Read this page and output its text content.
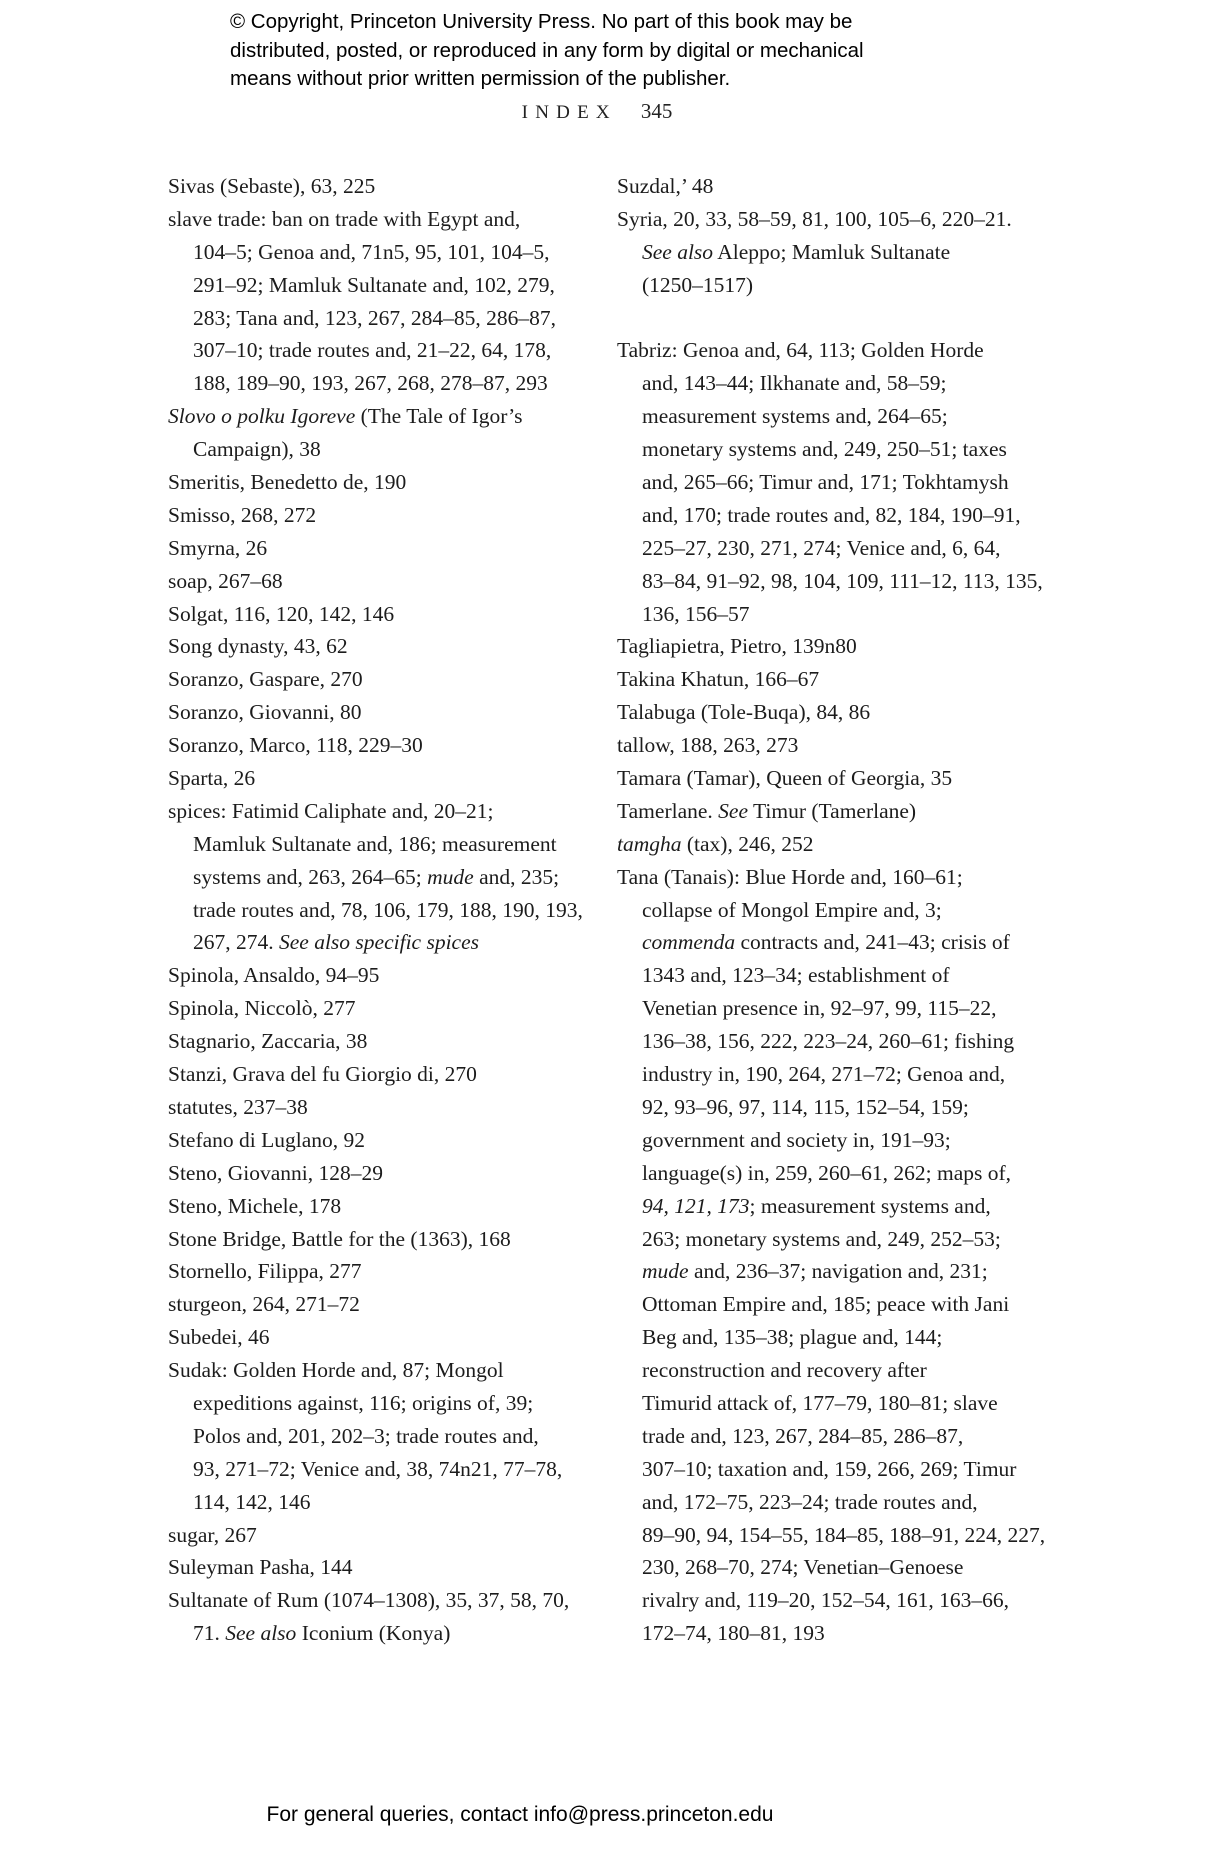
© Copyright, Princeton University Press. No part of this book may be
distributed, posted, or reproduced in any form by digital or mechanical
means without prior written permission of the publisher.
INDEX 345
Sivas (Sebaste), 63, 225
slave trade: ban on trade with Egypt and,
104–5; Genoa and, 71n5, 95, 101, 104–5,
291–92; Mamluk Sultanate and, 102, 279,
283; Tana and, 123, 267, 284–85, 286–87,
307–10; trade routes and, 21–22, 64, 178,
188, 189–90, 193, 267, 268, 278–87, 293
Slovo o polku Igoreve (The Tale of Igor’s
Campaign), 38
Smeritis, Benedetto de, 190
Smisso, 268, 272
Smyrna, 26
soap, 267–68
Solgat, 116, 120, 142, 146
Song dynasty, 43, 62
Soranzo, Gaspare, 270
Soranzo, Giovanni, 80
Soranzo, Marco, 118, 229–30
Sparta, 26
spices: Fatimid Caliphate and, 20–21;
Mamluk Sultanate and, 186; measurement
systems and, 263, 264–65; mude and, 235;
trade routes and, 78, 106, 179, 188, 190, 193,
267, 274. See also specific spices
Spinola, Ansaldo, 94–95
Spinola, Niccolò, 277
Stagnario, Zaccaria, 38
Stanzi, Grava del fu Giorgio di, 270
statutes, 237–38
Stefano di Luglano, 92
Steno, Giovanni, 128–29
Steno, Michele, 178
Stone Bridge, Battle for the (1363), 168
Stornello, Filippa, 277
sturgeon, 264, 271–72
Subedei, 46
Sudak: Golden Horde and, 87; Mongol
expeditions against, 116; origins of, 39;
Polos and, 201, 202–3; trade routes and,
93, 271–72; Venice and, 38, 74n21, 77–78,
114, 142, 146
sugar, 267
Suleyman Pasha, 144
Sultanate of Rum (1074–1308), 35, 37, 58, 70,
71. See also Iconium (Konya)
Suzdal,’ 48
Syria, 20, 33, 58–59, 81, 100, 105–6, 220–21.
See also Aleppo; Mamluk Sultanate
(1250–1517)
Tabriz: Genoa and, 64, 113; Golden Horde
and, 143–44; Ilkhanate and, 58–59;
measurement systems and, 264–65;
monetary systems and, 249, 250–51; taxes
and, 265–66; Timur and, 171; Tokhtamysh
and, 170; trade routes and, 82, 184, 190–91,
225–27, 230, 271, 274; Venice and, 6, 64,
83–84, 91–92, 98, 104, 109, 111–12, 113, 135,
136, 156–57
Tagliapietra, Pietro, 139n80
Takina Khatun, 166–67
Talabuga (Tole-Buqa), 84, 86
tallow, 188, 263, 273
Tamara (Tamar), Queen of Georgia, 35
Tamerlane. See Timur (Tamerlane)
tamgha (tax), 246, 252
Tana (Tanais): Blue Horde and, 160–61;
collapse of Mongol Empire and, 3;
commenda contracts and, 241–43; crisis of
1343 and, 123–34; establishment of
Venetian presence in, 92–97, 99, 115–22,
136–38, 156, 222, 223–24, 260–61; fishing
industry in, 190, 264, 271–72; Genoa and,
92, 93–96, 97, 114, 115, 152–54, 159;
government and society in, 191–93;
language(s) in, 259, 260–61, 262; maps of,
94, 121, 173; measurement systems and,
263; monetary systems and, 249, 252–53;
mude and, 236–37; navigation and, 231;
Ottoman Empire and, 185; peace with Jani
Beg and, 135–38; plague and, 144;
reconstruction and recovery after
Timurid attack of, 177–79, 180–81; slave
trade and, 123, 267, 284–85, 286–87,
307–10; taxation and, 159, 266, 269; Timur
and, 172–75, 223–24; trade routes and,
89–90, 94, 154–55, 184–85, 188–91, 224, 227,
230, 268–70, 274; Venetian–Genoese
rivalry and, 119–20, 152–54, 161, 163–66,
172–74, 180–81, 193
For general queries, contact info@press.princeton.edu
